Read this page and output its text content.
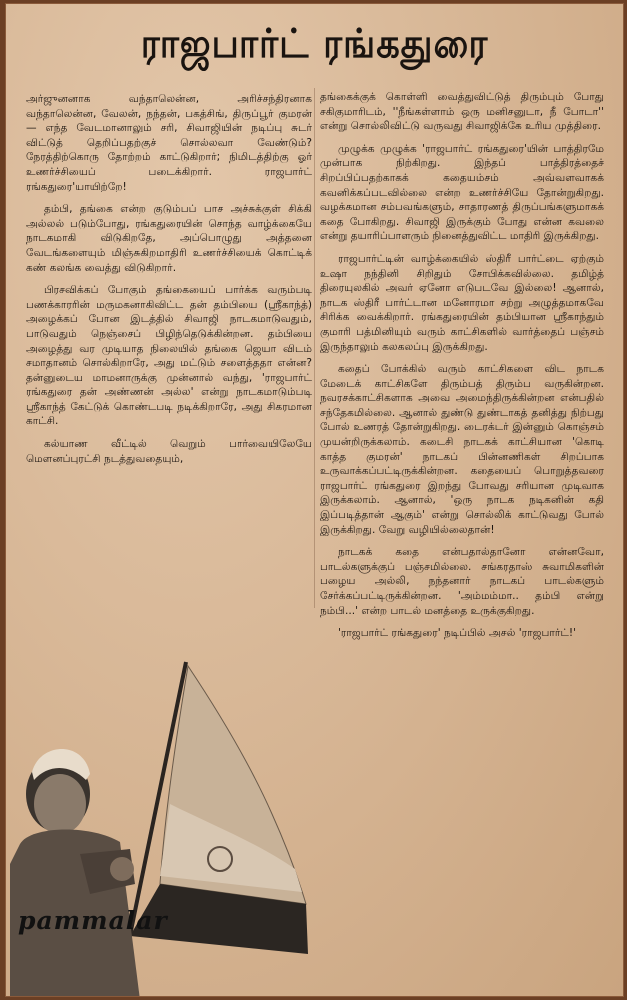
ராஜபார்ட் ரங்கதுரை

அர்ஜுனனாக வந்தாலென்ன, அரிச்சந்திரனாக வந்தாலென்ன, வேலன், நந்தன், பகத்சிங், திருப்பூர் குமரன் — எந்த வேடமானாலும் சரி, சிவாஜியின் நடிப்பு சுடர் விட்டுத் தெறிப்பதற்குச் சொல்லவா வேண்டும்? நேரத்திற்கொரு தோற்றம் காட்டுகிறார்; நிமிடத்திற்கு ஓர் உணர்ச்சியைப் படைக்கிறார். ராஜபார்ட் ரங்கதுரை'யாயிற்றே!

தம்பி, தங்கை என்ற குடும்பப் பாச அச்சுக்குள் சிக்கி அல்லல் படும்போது, ரங்கதுரையின் சொந்த வாழ்க்கையே நாடகமாகி விடுகிறதே, அப்பொழுது அத்தனை வேடங்களையும் மிஞ்சுகிறமாதிரி உணர்ச்சியைக் கொட்டிக் கண் கலங்க வைத்து விடுகிறார்.

பிரசவிக்கப் போகும் தங்கையைப் பார்க்க வரும்படி பணக்காரரின் மருமகனாகிவிட்ட தன் தம்பியை (ஸ்ரீகாந்த்) அழைக்கப் போன இடத்தில் சிவாஜி நாடகமாடுவதும், பாடுவதும் நெஞ்சைப் பிழிந்தெடுக்கின்றன. தம்பியை அழைத்து வர முடியாத நிலையில் தங்கை ஜெயா விடம் சமாதானம் சொல்கிறாரே, அது மட்டும் சளைத்ததா என்ன? தன்னுடைய மாமனாருக்கு முன்னால் வந்து, 'ராஜபார்ட் ரங்கதுரை தன் அண்ணன் அல்ல' என்று நாடகமாடும்படி ஸ்ரீகாந்த் கேட்டுக் கொண்டபடி நடிக்கிறாரே, அது சிகரமான காட்சி.

கல்யாண வீட்டில் வெறும் பார்வையிலேயே மௌனப்புரட்சி நடத்துவதையும்,

தங்கைக்குக் கொள்ளி வைத்துவிட்டுத் திரும்பும் போது சகிகுமாரிடம், ''நீங்கள்ளாம் ஒரு மனிசனுடா, நீ போடா'' என்று சொல்லிவிட்டு வருவது சிவாஜிக்கே உரிய முத்திரை.

முழுக்க முழுக்க 'ராஜபார்ட் ரங்கதுரை'யின் பாத்திரமே முன்பாக நிற்கிறது. இந்தப் பாத்திரத்தைச் சிறப்பிப்பதற்காகக் கதையம்சம் அவ்வளவாகக் கவனிக்கப்படவில்லை என்ற உணர்ச்சியே தோன்றுகிறது. வழக்கமான சம்பவங்களும், சாதாரணத் திருப்பங்களுமாகக் கதை போகிறது. சிவாஜி இருக்கும் போது என்ன கவலை என்று தயாரிப்பாளரும் நினைத்துவிட்ட மாதிரி இருக்கிறது.

ராஜபார்ட்டின் வாழ்க்கையில் ஸ்திரீ பார்ட்டை ஏற்கும் உஷா நந்தினி சிறிதும் சோபிக்கவில்லை. தமிழ்த் திரையுலகில் அவர் ஏனோ எடுபடவே இல்லை! ஆனால், நாடக ஸ்திரீ பார்ட்டான மனோரமா சற்று அழுத்தமாகவே சிரிக்க வைக்கிறார். ரங்கதுரையின் தம்பியான ஸ்ரீகாந்தும் குமாரி பத்மினியும் வரும் காட்சிகளில் வார்த்தைப் பஞ்சம் இருந்தாலும் கலகலப்பு இருக்கிறது.

கதைப் போக்கில் வரும் காட்சிகளை விட நாடக மேடைக் காட்சிகளே திரும்பத் திரும்ப வருகின்றன. நவரசக்காட்சிகளாக அவை அமைந்திருக்கின்றன என்பதில் சந்தேகமில்லை. ஆனால் துண்டு துண்டாகத் தனித்து நிற்பது போல் உணரத் தோன்றுகிறது. டைரக்டர் இன்னும் கொஞ்சம் முயன்றிருக்கலாம். கடைசி நாடகக் காட்சியான 'கொடி காத்த குமரன்' நாடகப் பின்னணிகள் சிறப்பாக உருவாக்கப்பட்டிருக்கின்றன. கதையைப் பொறுத்தவரை ராஜபார்ட் ரங்கதுரை இறந்து போவது சரியான முடிவாக இருக்கலாம். ஆனால், 'ஒரு நாடக நடிகனின் கதி இப்படித்தான் ஆகும்' என்று சொல்லிக் காட்டுவது போல் இருக்கிறது. வேறு வழியில்லைதான்!

நாடகக் கதை என்பதால்தானோ என்னவோ, பாடல்களுக்குப் பஞ்சமில்லை. சங்கரதாஸ் சுவாமிகளின் பழைய அல்லி, நந்தனார் நாடகப் பாடல்களும் சேர்க்கப்பட்டிருக்கின்றன. 'அம்மம்மா.. தம்பி என்று நம்பி...' என்ற பாடல் மனத்தை உருக்குகிறது.

'ராஜபார்ட் ரங்கதுரை' நடிப்பில் அசல் 'ராஜபார்ட்!'

pammalar
